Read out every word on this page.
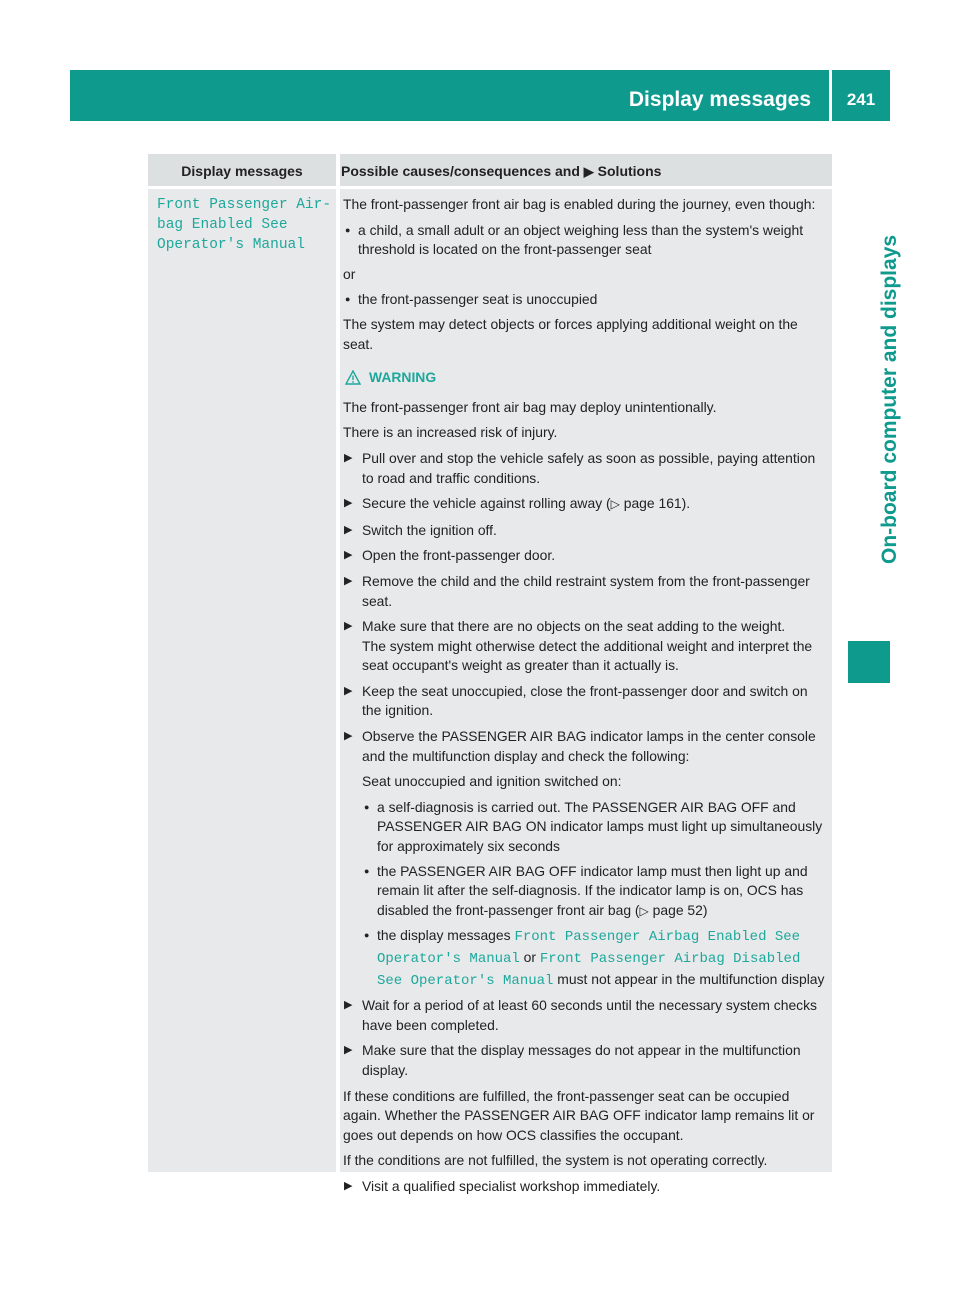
Display messages	241
On-board computer and displays
Display messages	Possible causes/consequences and ▶ Solutions
Front Passenger Air‐
bag Enabled See
Operator's Manual

The front-passenger front air bag is enabled during the journey, even though:

● a child, a small adult or an object weighing less than the system's weight threshold is located on the front-passenger seat

or

● the front-passenger seat is unoccupied

The system may detect objects or forces applying additional weight on the seat.

WARNING

The front-passenger front air bag may deploy unintentionally.

There is an increased risk of injury.

▶ Pull over and stop the vehicle safely as soon as possible, paying attention to road and traffic conditions.
▶ Secure the vehicle against rolling away (▷ page 161).
▶ Switch the ignition off.
▶ Open the front-passenger door.
▶ Remove the child and the child restraint system from the front-passenger seat.
▶ Make sure that there are no objects on the seat adding to the weight.
The system might otherwise detect the additional weight and interpret the seat occupant's weight as greater than it actually is.
▶ Keep the seat unoccupied, close the front-passenger door and switch on the ignition.
▶ Observe the PASSENGER AIR BAG indicator lamps in the center console and the multifunction display and check the following:

Seat unoccupied and ignition switched on:

● a self-diagnosis is carried out. The PASSENGER AIR BAG OFF and PASSENGER AIR BAG ON indicator lamps must light up simultaneously for approximately six seconds
● the PASSENGER AIR BAG OFF indicator lamp must then light up and remain lit after the self-diagnosis. If the indicator lamp is on, OCS has disabled the front-passenger front air bag (▷ page 52)
● the display messages Front Passenger Airbag Enabled See Operator's Manual or Front Passenger Airbag Disabled See Operator's Manual must not appear in the multifunction display
▶ Wait for a period of at least 60 seconds until the necessary system checks have been completed.
▶ Make sure that the display messages do not appear in the multifunction display.

If these conditions are fulfilled, the front-passenger seat can be occupied again. Whether the PASSENGER AIR BAG OFF indicator lamp remains lit or goes out depends on how OCS classifies the occupant.

If the conditions are not fulfilled, the system is not operating correctly.

▶ Visit a qualified specialist workshop immediately.
